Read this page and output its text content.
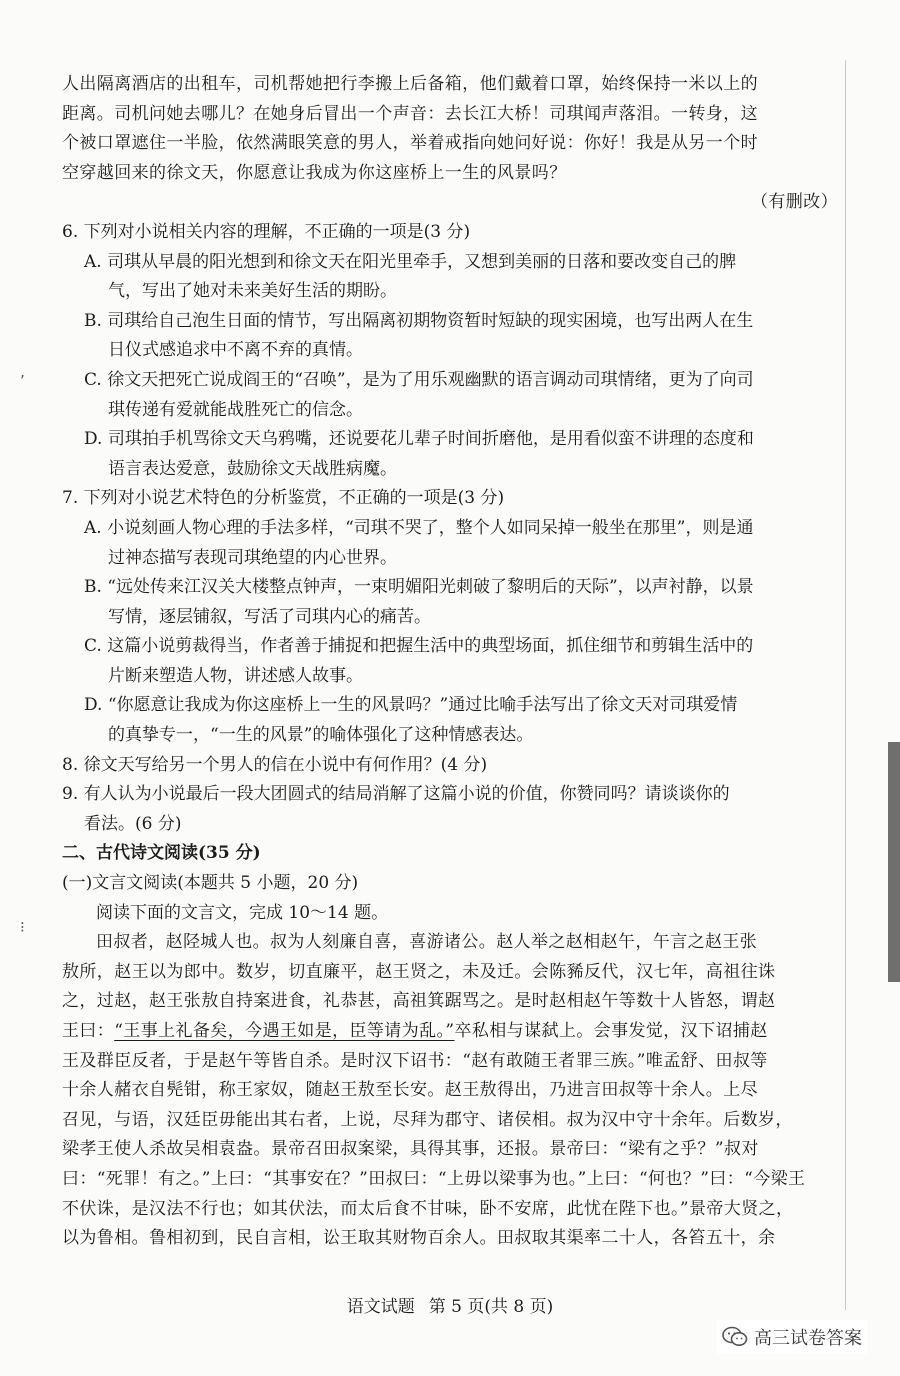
’
⁝

人出隔离酒店的出租车，司机帮她把行李搬上后备箱，他们戴着口罩，始终保持一米以上的

距离。司机问她去哪儿？在她身后冒出一个声音：去长江大桥！司琪闻声落泪。一转身，这

个被口罩遮住一半脸，依然满眼笑意的男人，举着戒指向她问好说：你好！我是从另一个时

空穿越回来的徐文天，你愿意让我成为你这座桥上一生的风景吗？

（有删改）

6. 下列对小说相关内容的理解，不正确的一项是(3 分)

A. 司琪从早晨的阳光想到和徐文天在阳光里牵手，又想到美丽的日落和要改变自己的脾

气，写出了她对未来美好生活的期盼。

B. 司琪给自己泡生日面的情节，写出隔离初期物资暂时短缺的现实困境，也写出两人在生

日仪式感追求中不离不弃的真情。

C. 徐文天把死亡说成阎王的“召唤”，是为了用乐观幽默的语言调动司琪情绪，更为了向司

琪传递有爱就能战胜死亡的信念。

D. 司琪拍手机骂徐文天乌鸦嘴，还说要花儿辈子时间折磨他，是用看似蛮不讲理的态度和

语言表达爱意，鼓励徐文天战胜病魔。

7. 下列对小说艺术特色的分析鉴赏，不正确的一项是(3 分)

A. 小说刻画人物心理的手法多样，“司琪不哭了，整个人如同呆掉一般坐在那里”，则是通

过神态描写表现司琪绝望的内心世界。

B. “远处传来江汉关大楼整点钟声，一束明媚阳光刺破了黎明后的天际”，以声衬静，以景

写情，逐层铺叙，写活了司琪内心的痛苦。

C. 这篇小说剪裁得当，作者善于捕捉和把握生活中的典型场面，抓住细节和剪辑生活中的

片断来塑造人物，讲述感人故事。

D. “你愿意让我成为你这座桥上一生的风景吗？”通过比喻手法写出了徐文天对司琪爱情

的真挚专一，“一生的风景”的喻体强化了这种情感表达。

8. 徐文天写给另一个男人的信在小说中有何作用？(4 分)

9. 有人认为小说最后一段大团圆式的结局消解了这篇小说的价值，你赞同吗？请谈谈你的

看法。(6 分)

二、古代诗文阅读(35 分)

(一)文言文阅读(本题共 5 小题，20 分)

阅读下面的文言文，完成 10～14 题。

田叔者，赵陉城人也。叔为人刻廉自喜，喜游诸公。赵人举之赵相赵午，午言之赵王张

敖所，赵王以为郎中。数岁，切直廉平，赵王贤之，未及迁。会陈豨反代，汉七年，高祖往诛

之，过赵，赵王张敖自持案进食，礼恭甚，高祖箕踞骂之。是时赵相赵午等数十人皆怒，谓赵

王曰：“王事上礼备矣，今遇王如是，臣等请为乱。”卒私相与谋弑上。会事发觉，汉下诏捕赵

王及群臣反者，于是赵午等皆自杀。是时汉下诏书：“赵有敢随王者罪三族。”唯孟舒、田叔等

十余人赭衣自髡钳，称王家奴，随赵王敖至长安。赵王敖得出，乃进言田叔等十余人。上尽

召见，与语，汉廷臣毋能出其右者，上说，尽拜为郡守、诸侯相。叔为汉中守十余年。后数岁，

梁孝王使人杀故吴相袁盎。景帝召田叔案梁，具得其事，还报。景帝曰：“梁有之乎？”叔对

曰：“死罪！有之。”上曰：“其事安在？”田叔曰：“上毋以梁事为也。”上曰：“何也？”曰：“今梁王

不伏诛，是汉法不行也；如其伏法，而太后食不甘味，卧不安席，此忧在陛下也。”景帝大贤之，

以为鲁相。鲁相初到，民自言相，讼王取其财物百余人。田叔取其渠率二十人，各笞五十，余

语文试题 第 5 页(共 8 页)
高三试卷答案
